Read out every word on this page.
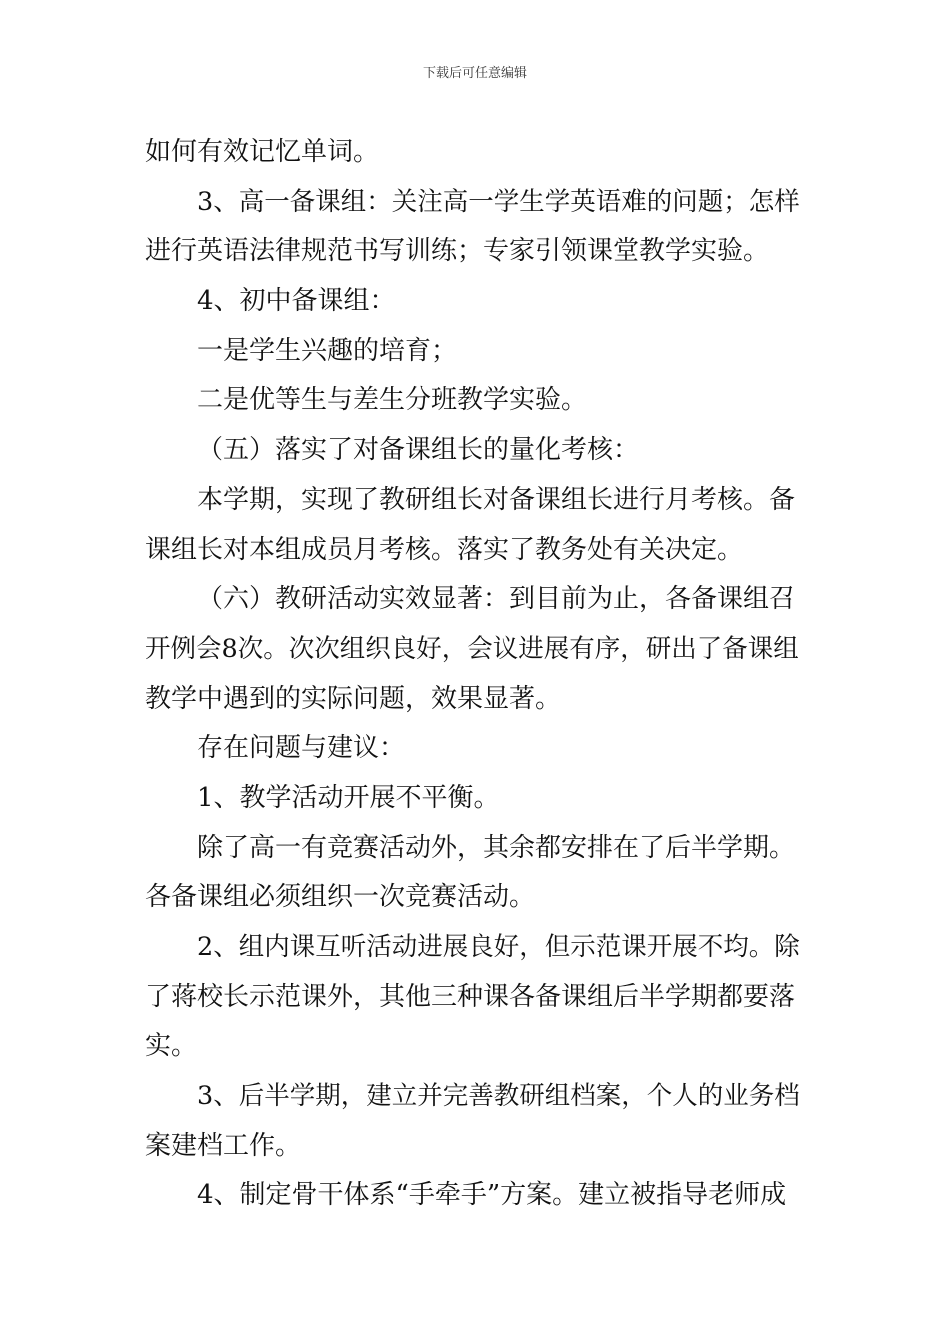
下载后可任意编辑
如何有效记忆单词。
3、高一备课组：关注高一学生学英语难的问题；怎样
进行英语法律规范书写训练；专家引领课堂教学实验。
4、初中备课组：
一是学生兴趣的培育；
二是优等生与差生分班教学实验。
（五）落实了对备课组长的量化考核：
本学期，实现了教研组长对备课组长进行月考核。备
课组长对本组成员月考核。落实了教务处有关决定。
（六）教研活动实效显著：到目前为止，各备课组召
开例会8次。次次组织良好，会议进展有序，研出了备课组
教学中遇到的实际问题，效果显著。
存在问题与建议：
1、教学活动开展不平衡。
除了高一有竞赛活动外，其余都安排在了后半学期。
各备课组必须组织一次竞赛活动。
2、组内课互听活动进展良好，但示范课开展不均。除
了蒋校长示范课外，其他三种课各备课组后半学期都要落
实。
3、后半学期，建立并完善教研组档案，个人的业务档
案建档工作。
4、制定骨干体系“手牵手”方案。建立被指导老师成
